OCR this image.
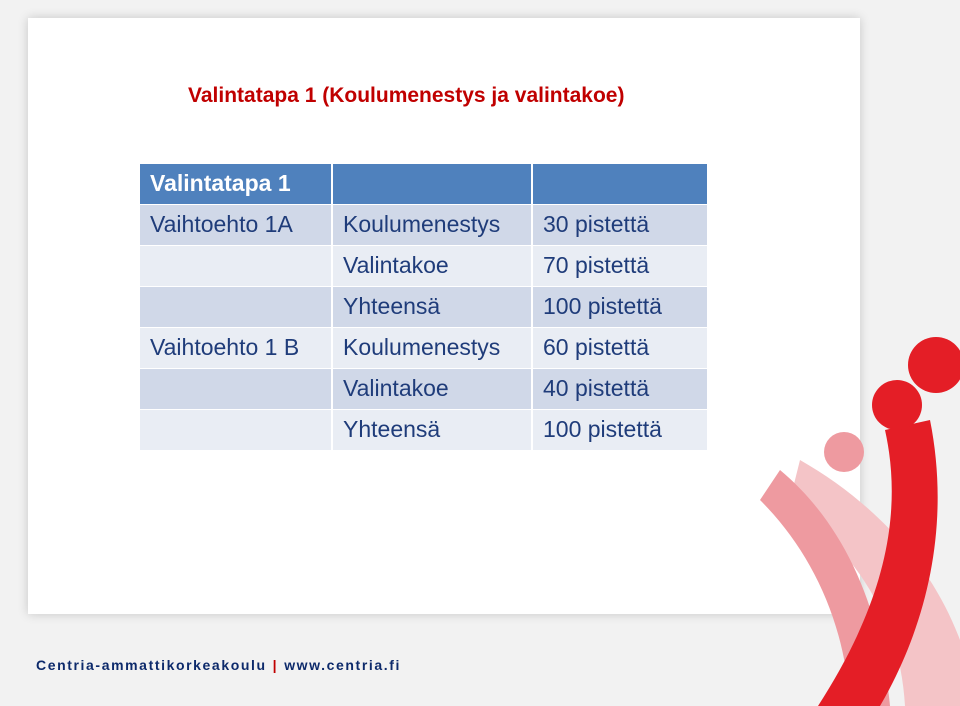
Valintatapa 1 (Koulumenestys ja valintakoe)
Valintatapa 1		
Vaihtoehto 1A	Koulumenestys	30 pistettä
	Valintakoe	70 pistettä
	Yhteensä	100 pistettä
Vaihtoehto 1 B	Koulumenestys	60 pistettä
	Valintakoe	40 pistettä
	Yhteensä	100 pistettä
Centria-ammattikorkeakoulu | www.centria.fi
